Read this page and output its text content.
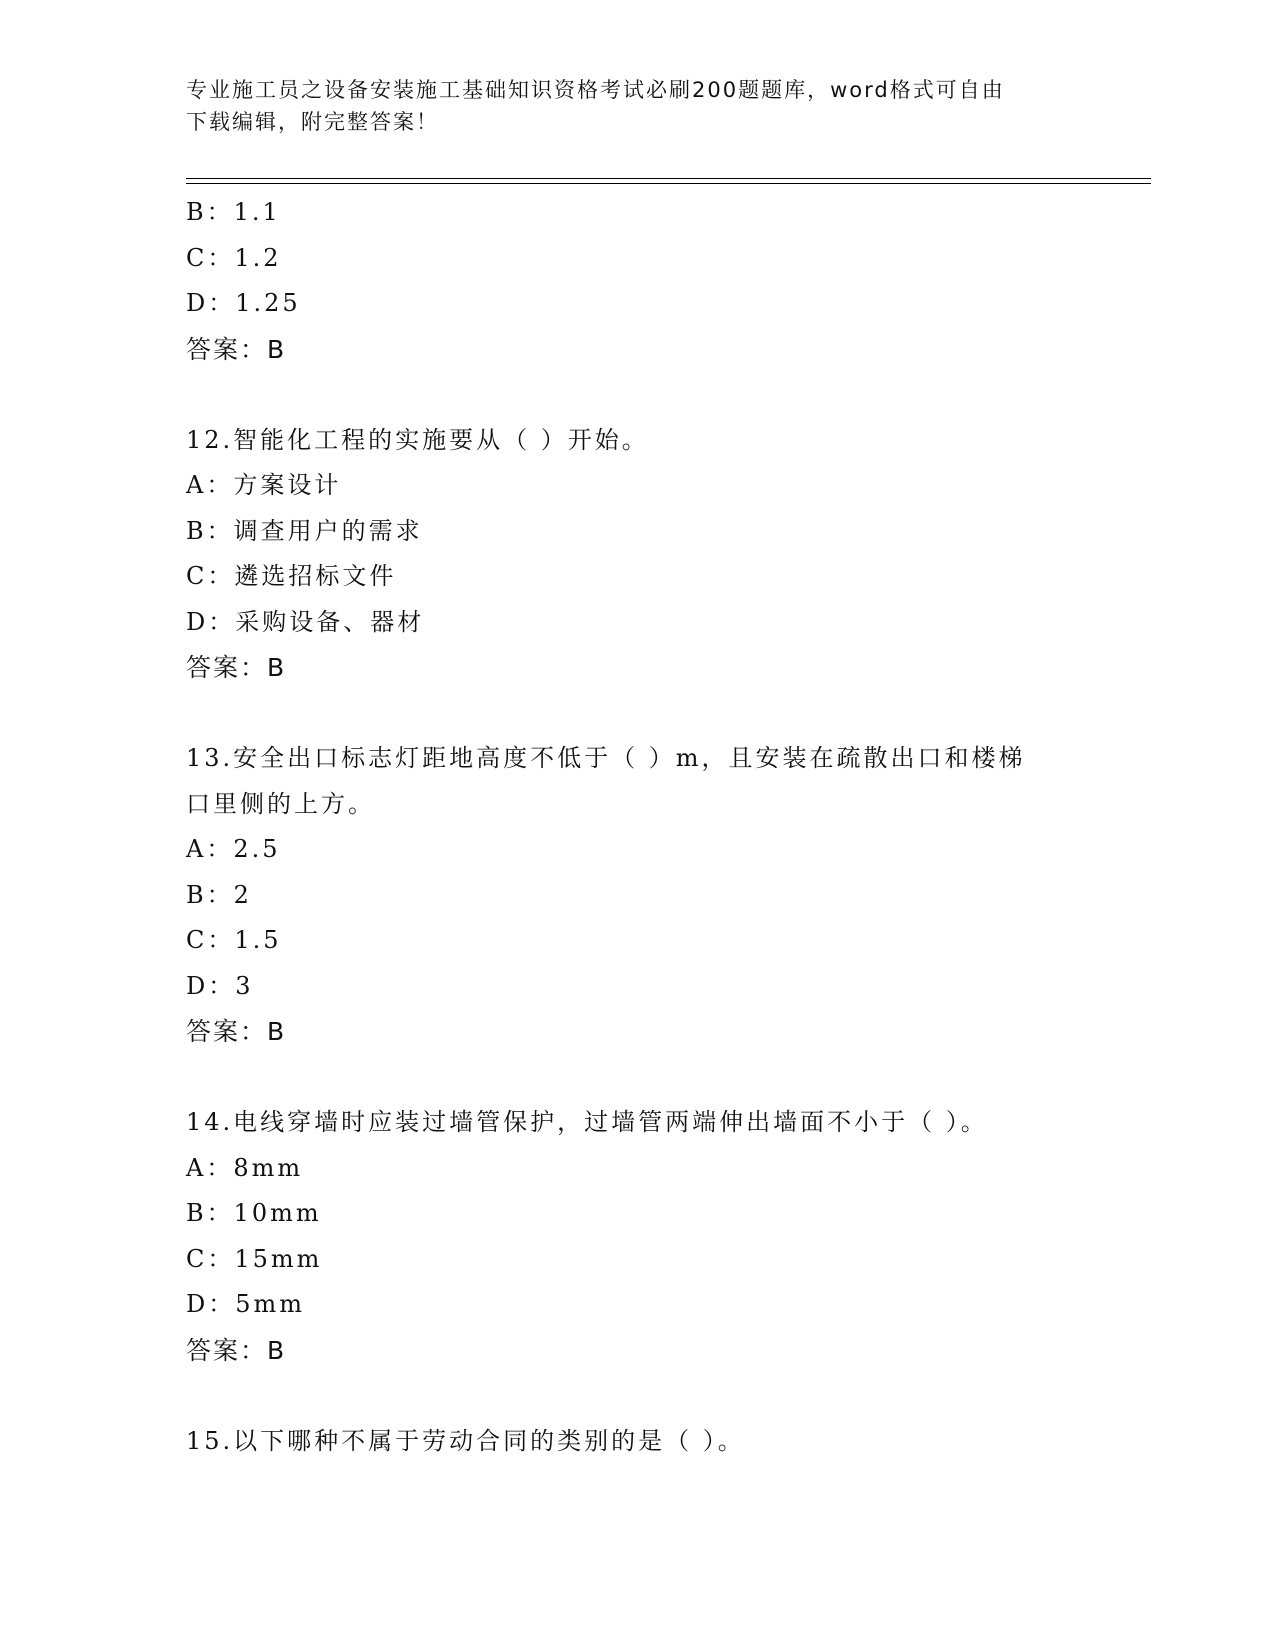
专业施工员之设备安装施工基础知识资格考试必刷200题题库，word格式可自由
下载编辑，附完整答案！
B：1.1
C：1.2
D：1.25
答案：B
12.智能化工程的实施要从（ ）开始。
A：方案设计
B：调查用户的需求
C：遴选招标文件
D：采购设备、器材
答案：B
13.安全出口标志灯距地高度不低于（ ）m，且安装在疏散出口和楼梯
口里侧的上方。
A：2.5
B：2
C：1.5
D：3
答案：B
14.电线穿墙时应装过墙管保护，过墙管两端伸出墙面不小于（ ）。
A：8mm
B：10mm
C：15mm
D：5mm
答案：B
15.以下哪种不属于劳动合同的类别的是（ ）。
